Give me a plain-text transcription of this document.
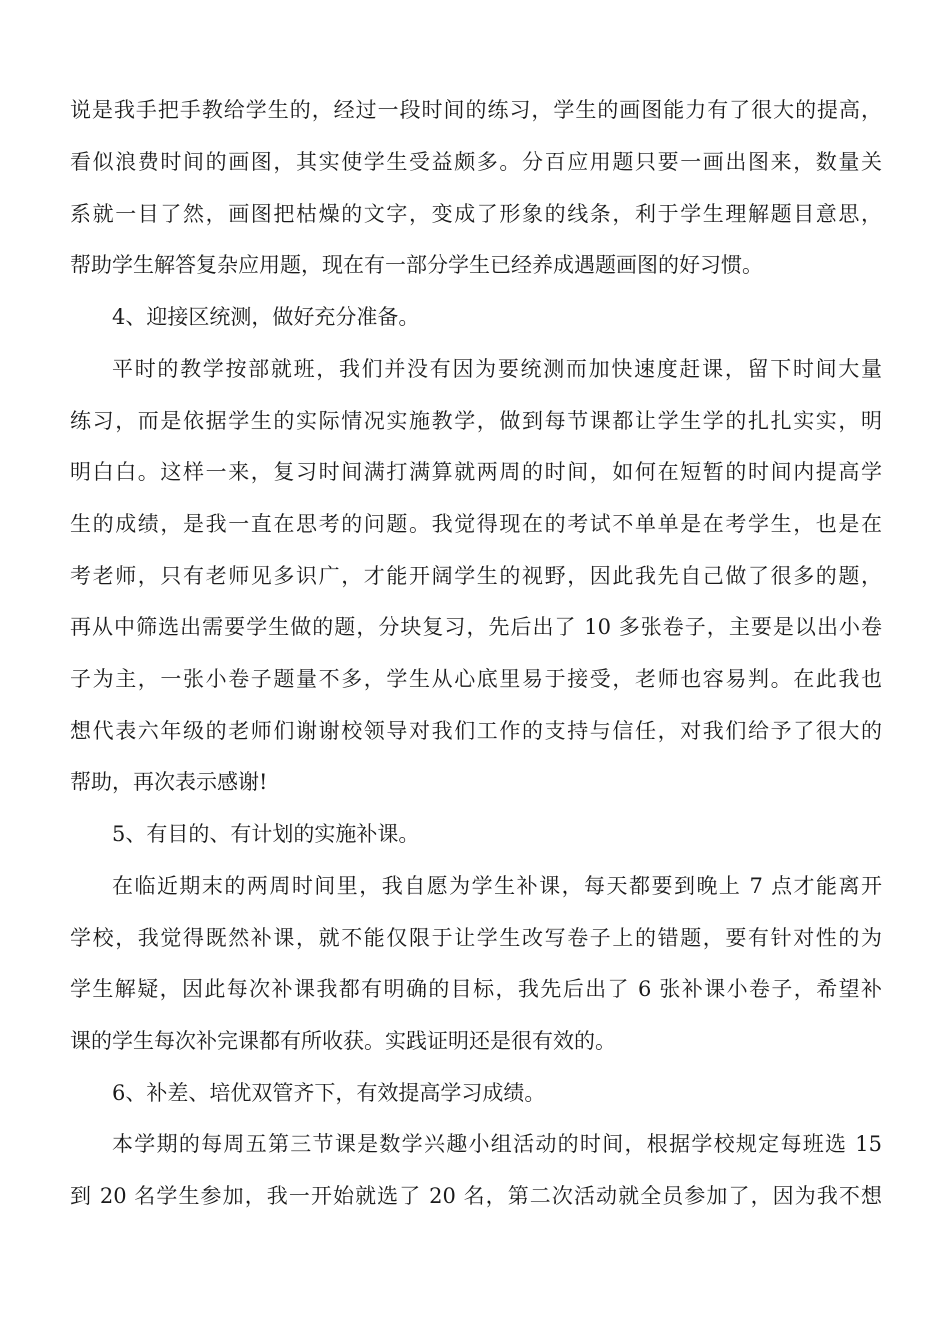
说是我手把手教给学生的，经过一段时间的练习，学生的画图能力有了很大的提高，
看似浪费时间的画图，其实使学生受益颇多。分百应用题只要一画出图来，数量关
系就一目了然，画图把枯燥的文字，变成了形象的线条，利于学生理解题目意思，
帮助学生解答复杂应用题，现在有一部分学生已经养成遇题画图的好习惯。
4、迎接区统测，做好充分准备。
平时的教学按部就班，我们并没有因为要统测而加快速度赶课，留下时间大量
练习，而是依据学生的实际情况实施教学，做到每节课都让学生学的扎扎实实，明
明白白。这样一来，复习时间满打满算就两周的时间，如何在短暂的时间内提高学
生的成绩，是我一直在思考的问题。我觉得现在的考试不单单是在考学生，也是在
考老师，只有老师见多识广，才能开阔学生的视野，因此我先自己做了很多的题，
再从中筛选出需要学生做的题，分块复习，先后出了 10 多张卷子，主要是以出小卷
子为主，一张小卷子题量不多，学生从心底里易于接受，老师也容易判。在此我也
想代表六年级的老师们谢谢校领导对我们工作的支持与信任，对我们给予了很大的
帮助，再次表示感谢!
5、有目的、有计划的实施补课。
在临近期末的两周时间里，我自愿为学生补课，每天都要到晚上 7 点才能离开
学校，我觉得既然补课，就不能仅限于让学生改写卷子上的错题，要有针对性的为
学生解疑，因此每次补课我都有明确的目标，我先后出了 6 张补课小卷子，希望补
课的学生每次补完课都有所收获。实践证明还是很有效的。
6、补差、培优双管齐下，有效提高学习成绩。
本学期的每周五第三节课是数学兴趣小组活动的时间，根据学校规定每班选 15
到 20 名学生参加，我一开始就选了 20 名，第二次活动就全员参加了，因为我不想
